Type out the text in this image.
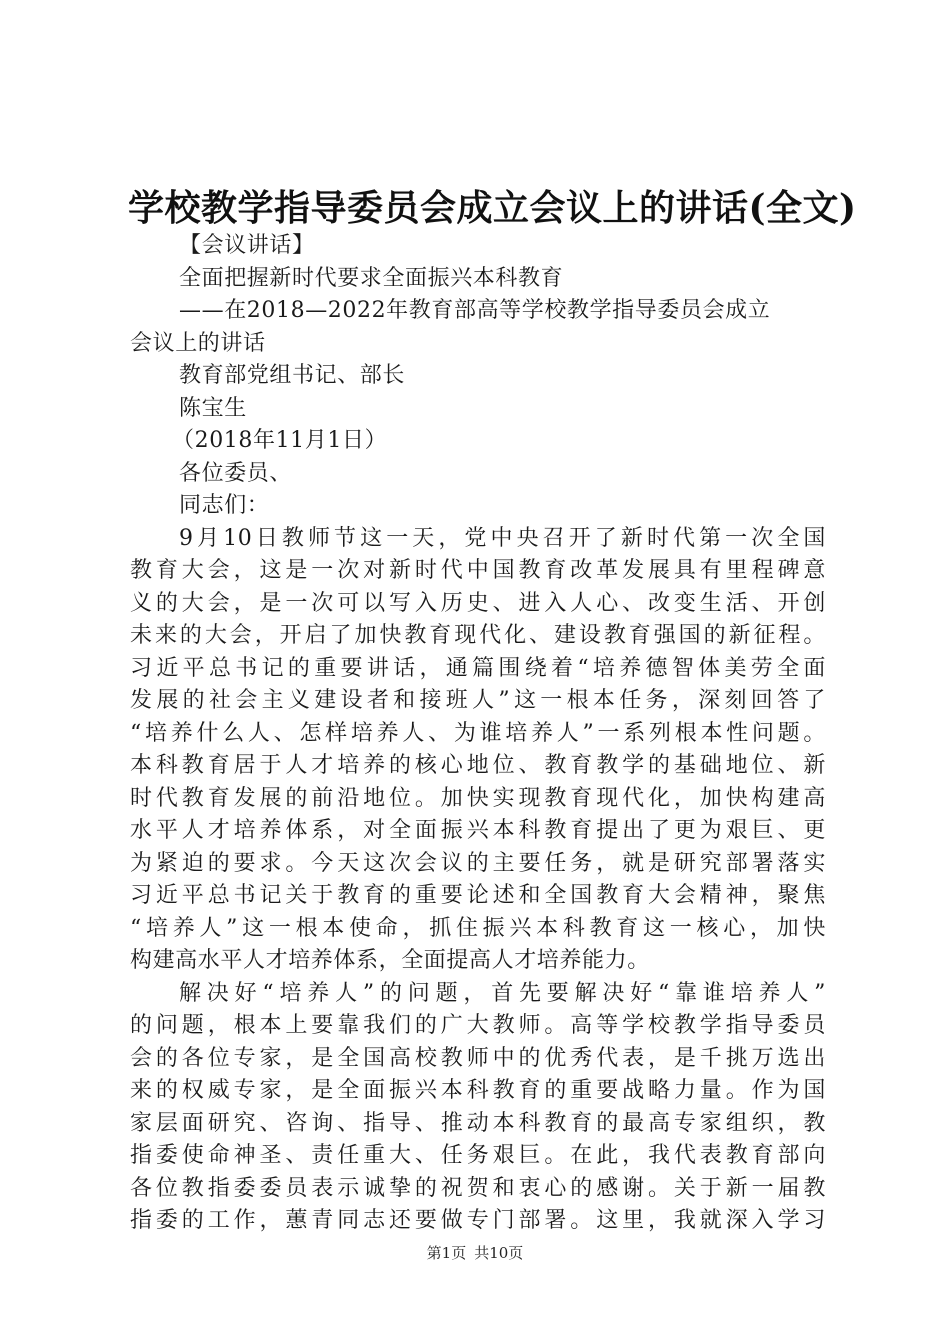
学校教学指导委员会成立会议上的讲话(全文)
【会议讲话】
全面把握新时代要求全面振兴本科教育
——在2018—2022年教育部高等学校教学指导委员会成立
会议上的讲话
教育部党组书记、部长
陈宝生
（2018年11月1日）
各位委员、
同志们：
9月10日教师节这一天，党中央召开了新时代第一次全国
教育大会，这是一次对新时代中国教育改革发展具有里程碑意
义的大会，是一次可以写入历史、进入人心、改变生活、开创
未来的大会，开启了加快教育现代化、建设教育强国的新征程。
习近平总书记的重要讲话，通篇围绕着“培养德智体美劳全面
发展的社会主义建设者和接班人”这一根本任务，深刻回答了
“培养什么人、怎样培养人、为谁培养人”一系列根本性问题。
本科教育居于人才培养的核心地位、教育教学的基础地位、新
时代教育发展的前沿地位。加快实现教育现代化，加快构建高
水平人才培养体系，对全面振兴本科教育提出了更为艰巨、更
为紧迫的要求。今天这次会议的主要任务，就是研究部署落实
习近平总书记关于教育的重要论述和全国教育大会精神，聚焦
“培养人”这一根本使命，抓住振兴本科教育这一核心，加快
构建高水平人才培养体系，全面提高人才培养能力。
解决好“培养人”的问题，首先要解决好“靠谁培养人”
的问题，根本上要靠我们的广大教师。高等学校教学指导委员
会的各位专家，是全国高校教师中的优秀代表，是千挑万选出
来的权威专家，是全面振兴本科教育的重要战略力量。作为国
家层面研究、咨询、指导、推动本科教育的最高专家组织，教
指委使命神圣、责任重大、任务艰巨。在此，我代表教育部向
各位教指委委员表示诚挚的祝贺和衷心的感谢。关于新一届教
指委的工作，蕙青同志还要做专门部署。这里，我就深入学习
第1页 共10页
